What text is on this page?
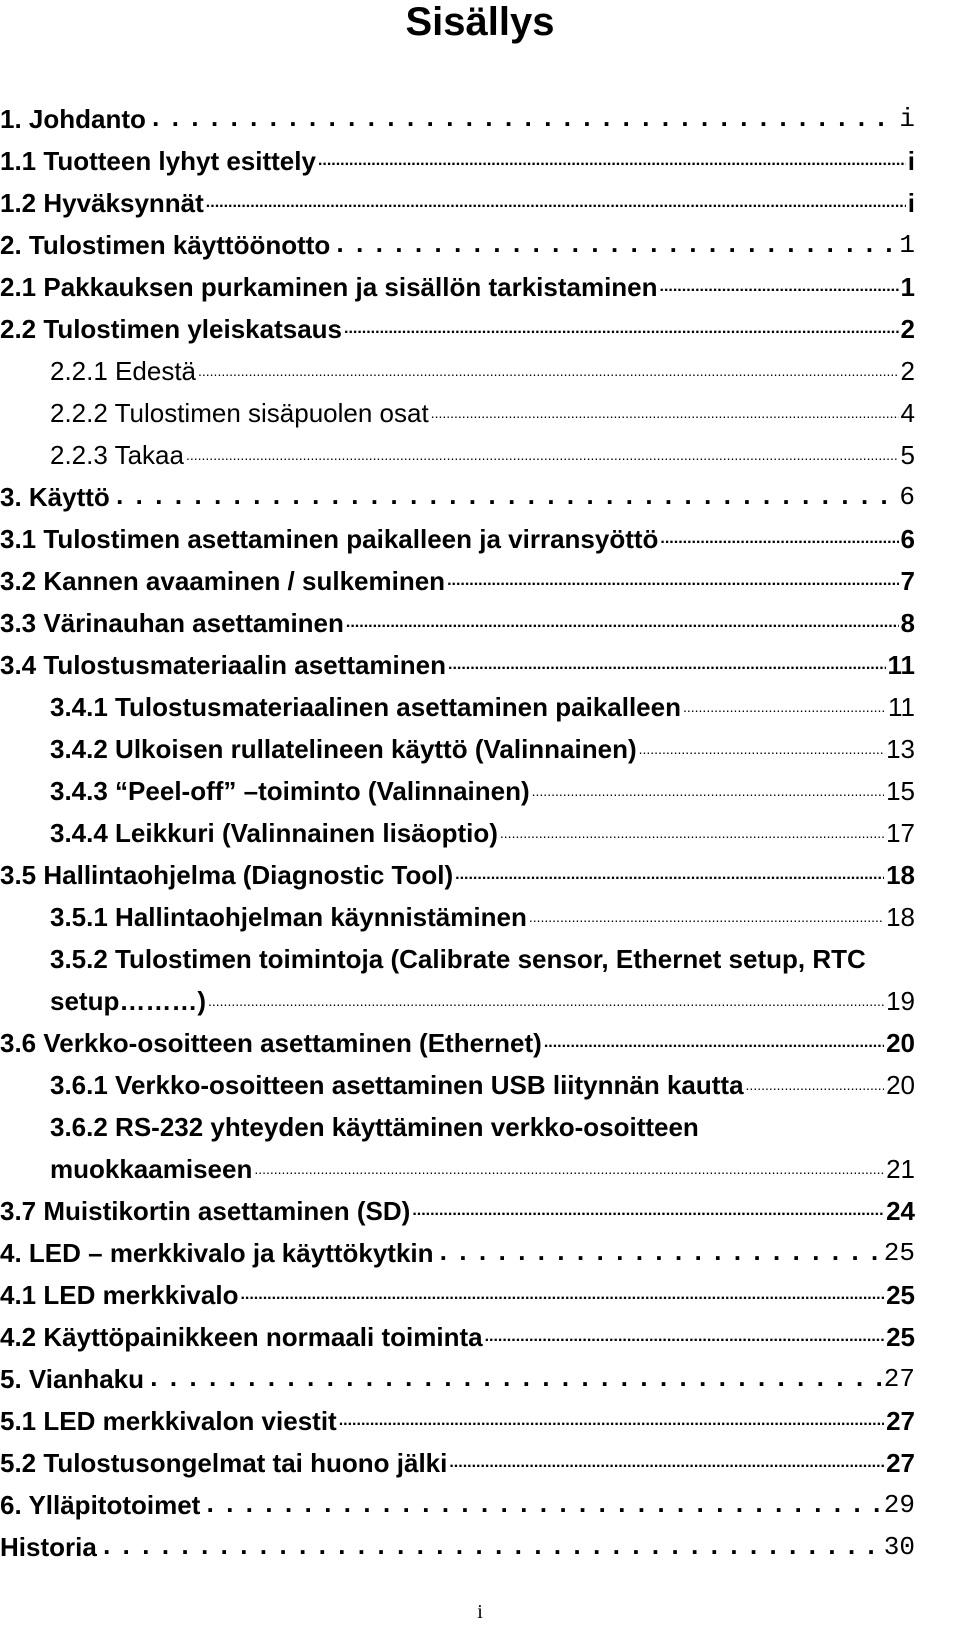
Sisällys
1. Johdanto .....	i
1.1 Tuotteen lyhyt esittely .....	i
1.2 Hyväksynnät .....	i
2. Tulostimen käyttöönotto .....	1
2.1 Pakkauksen purkaminen ja sisällön tarkistaminen .....	1
2.2 Tulostimen yleiskatsaus .....	2
2.2.1 Edestä .....	2
2.2.2 Tulostimen sisäpuolen osat .....	4
2.2.3 Takaa .....	5
3. Käyttö .....	6
3.1 Tulostimen asettaminen paikalleen ja virransyöttö .....	6
3.2 Kannen avaaminen / sulkeminen .....	7
3.3 Värinauhan asettaminen .....	8
3.4 Tulostusmateriaalin asettaminen .....	11
3.4.1 Tulostusmateriaalinen asettaminen paikalleen .....	11
3.4.2 Ulkoisen rullatelineen käyttö (Valinnainen) .....	13
3.4.3 “Peel-off” –toiminto (Valinnainen) .....	15
3.4.4 Leikkuri (Valinnainen lisäoptio) .....	17
3.5 Hallintaohjelma (Diagnostic Tool) .....	18
3.5.1 Hallintaohjelman käynnistäminen .....	18
3.5.2 Tulostimen toimintoja (Calibrate sensor, Ethernet setup, RTC
setup………) .....	19
3.6 Verkko-osoitteen asettaminen (Ethernet) .....	20
3.6.1 Verkko-osoitteen asettaminen USB liitynnän kautta .....	20
3.6.2 RS-232 yhteyden käyttäminen verkko-osoitteen
muokkaamiseen .....	21
3.7 Muistikortin asettaminen (SD) .....	24
4. LED – merkkivalo ja käyttökytkin .....	25
4.1 LED merkkivalo .....	25
4.2 Käyttöpainikkeen normaali toiminta .....	25
5. Vianhaku .....	27
5.1 LED merkkivalon viestit .....	27
5.2 Tulostusongelmat tai huono jälki .....	27
6. Ylläpitotoimet .....	29
Historia .....	30
i
